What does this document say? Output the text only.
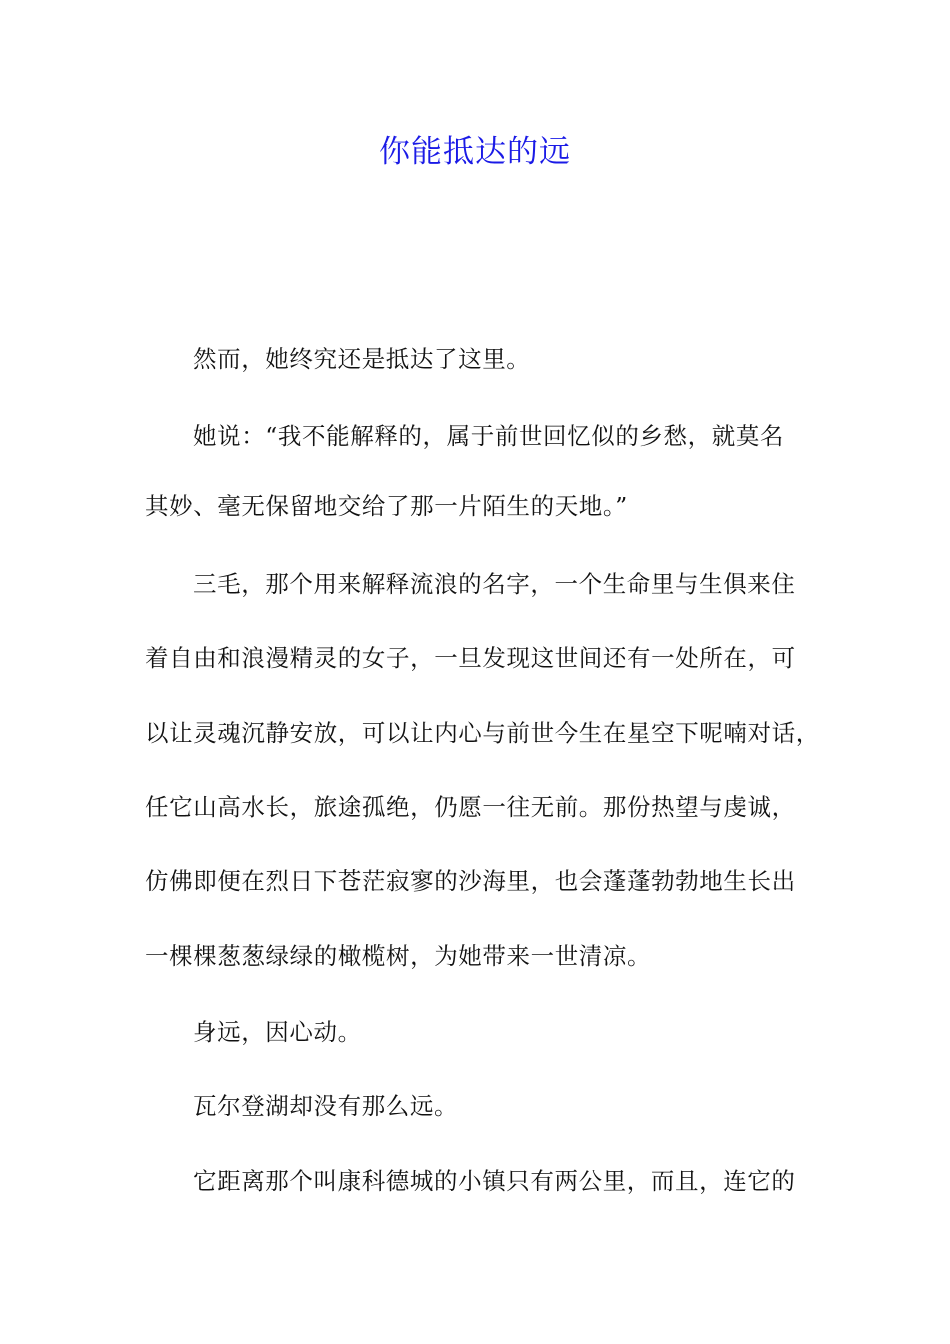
你能抵达的远
然而，她终究还是抵达了这里。
她说：“我不能解释的，属于前世回忆似的乡愁，就莫名
其妙、毫无保留地交给了那一片陌生的天地。”
三毛，那个用来解释流浪的名字，一个生命里与生俱来住
着自由和浪漫精灵的女子，一旦发现这世间还有一处所在，可
以让灵魂沉静安放，可以让内心与前世今生在星空下呢喃对话，
任它山高水长，旅途孤绝，仍愿一往无前。那份热望与虔诚，
仿佛即便在烈日下苍茫寂寥的沙海里，也会蓬蓬勃勃地生长出
一棵棵葱葱绿绿的橄榄树，为她带来一世清凉。
身远，因心动。
瓦尔登湖却没有那么远。
它距离那个叫康科德城的小镇只有两公里，而且，连它的
